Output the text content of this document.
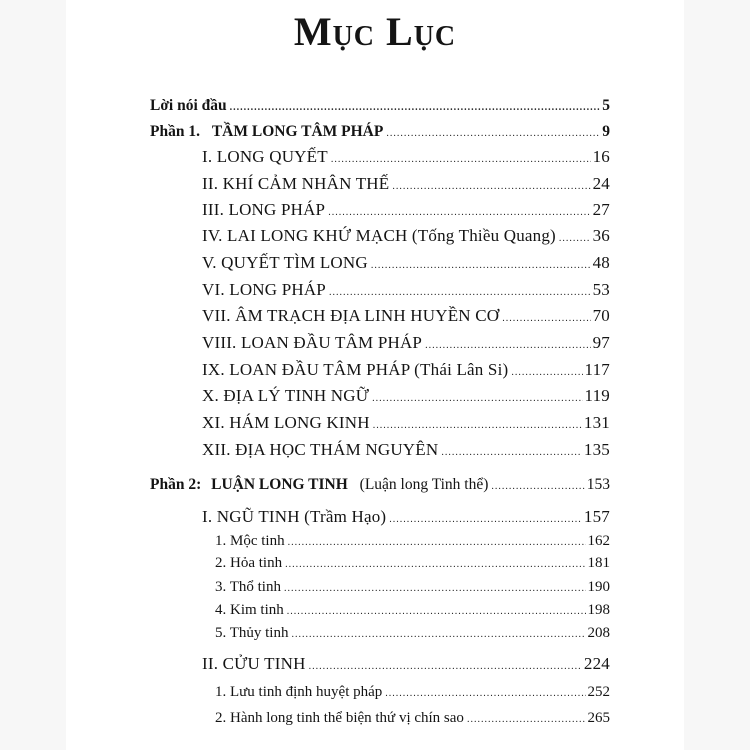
Mục Lục
Lời nói đầu .....	5
Phần 1. TẦM LONG TÂM PHÁP .....	9
I. LONG QUYẾT .....	16
II. KHÍ CẢM NHÂN THẾ .....	24
III. LONG PHÁP .....	27
IV. LAI LONG KHỨ MẠCH (Tống Thiều Quang) ..... 36
V. QUYẾT TÌM LONG .....	48
VI. LONG PHÁP .....	53
VII. ÂM TRẠCH ĐỊA LINH HUYỀN CƠ .....	70
VIII. LOAN ĐẦU TÂM PHÁP .....	97
IX. LOAN ĐẦU TÂM PHÁP (Thái Lân Si) .....	117
X. ĐỊA LÝ TINH NGỮ .....	119
XI. HÁM LONG KINH .....	131
XII. ĐỊA HỌC THÁM NGUYÊN .....	135
Phần 2: LUẬN LONG TINH (Luận long Tinh thể) .....	153
I. NGŨ TINH (Trầm Hạo) .....	157
1. Mộc tinh .....	162
2. Hỏa tinh .....	181
3. Thổ tinh .....	190
4. Kim tinh .....	198
5. Thủy tinh .....	208
II. CỬU TINH .....	224
1. Lưu tinh định huyệt pháp .....	252
2. Hành long tinh thể biện thứ vị chín sao .....	265
